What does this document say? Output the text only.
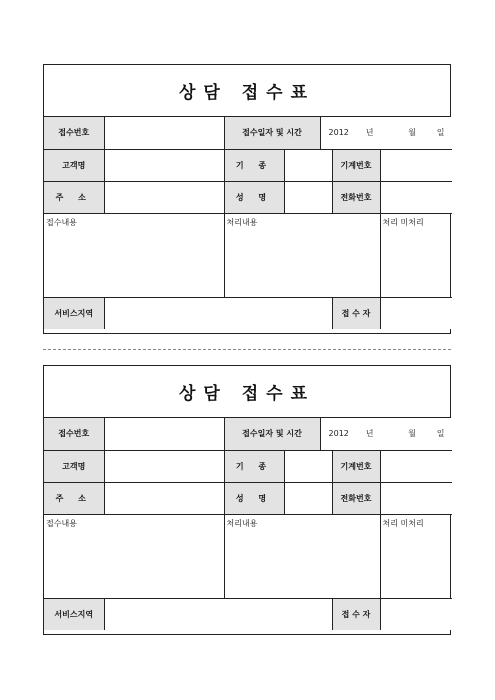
상담 접수표
접수번호		접수일자 및 시간		2012 년 월 일		
고객명		기 종			기계번호	
주 소		성 명			전화번호	
접수내용		처리내용				처리 미처리
서비스지역					접 수 자	
상담 접수표
접수번호		접수일자 및 시간		2012 년 월 일		
고객명		기 종			기계번호	
주 소		성 명			전화번호	
접수내용		처리내용				처리 미처리
서비스지역					접 수 자	
